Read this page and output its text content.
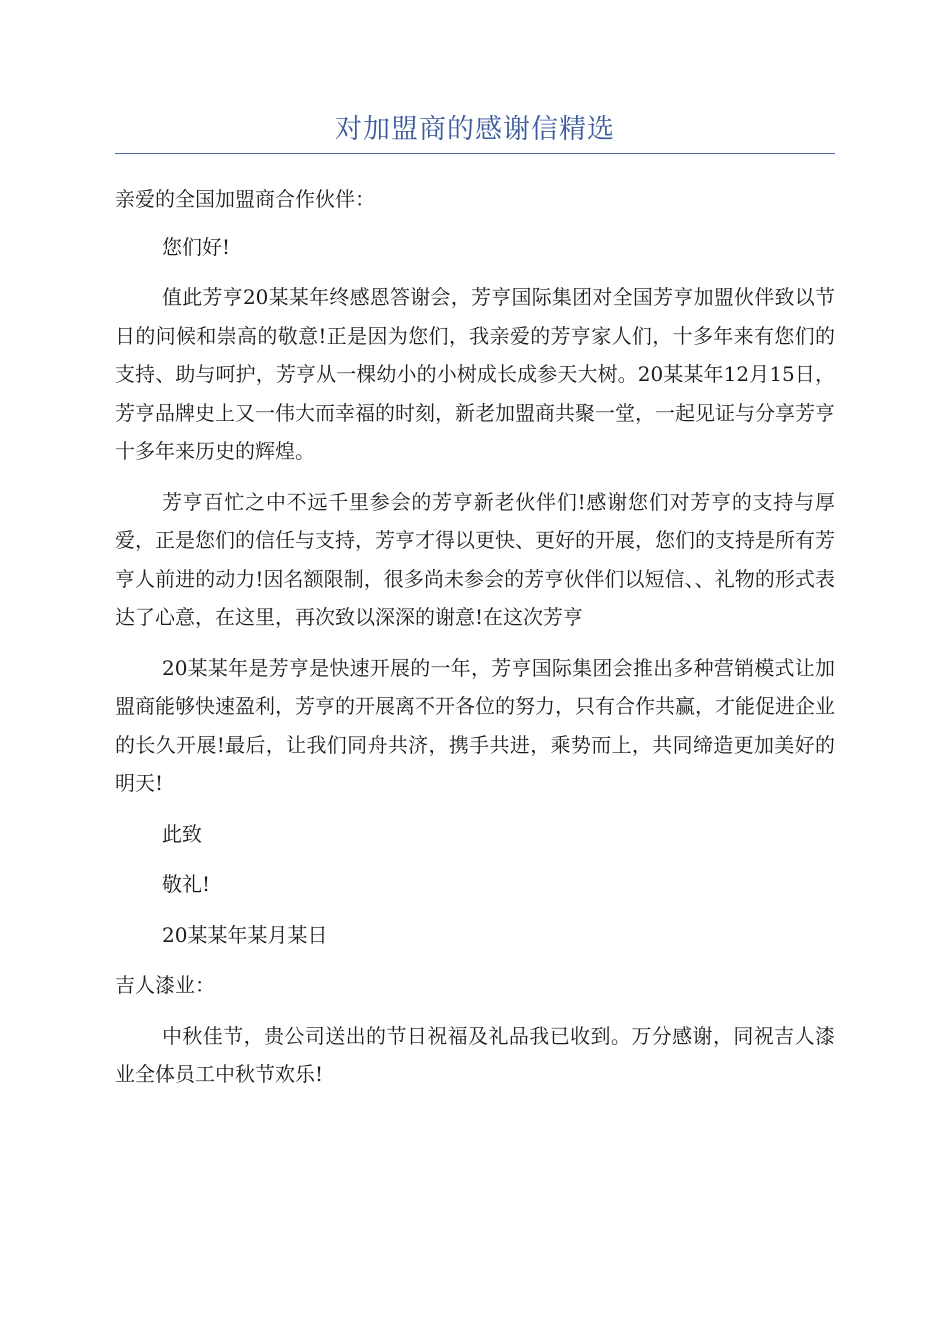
对加盟商的感谢信精选

亲爱的全国加盟商合作伙伴：

您们好!

值此芳亨20某某年终感恩答谢会，芳亨国际集团对全国芳亨加盟伙伴致以节日的问候和崇高的敬意!正是因为您们，我亲爱的芳亨家人们，十多年来有您们的支持、助与呵护，芳亨从一棵幼小的小树成长成参天大树。20某某年12月15日，芳亨品牌史上又一伟大而幸福的时刻，新老加盟商共聚一堂，一起见证与分享芳亨十多年来历史的辉煌。

芳亨百忙之中不远千里参会的芳亨新老伙伴们!感谢您们对芳亨的支持与厚爱，正是您们的信任与支持，芳亨才得以更快、更好的开展，您们的支持是所有芳亨人前进的动力!因名额限制，很多尚未参会的芳亨伙伴们以短信、、礼物的形式表达了心意，在这里，再次致以深深的谢意!在这次芳亨

20某某年是芳亨是快速开展的一年，芳亨国际集团会推出多种营销模式让加盟商能够快速盈利，芳亨的开展离不开各位的努力，只有合作共赢，才能促进企业的长久开展!最后，让我们同舟共济，携手共进，乘势而上，共同缔造更加美好的明天!

此致

敬礼!

20某某年某月某日

吉人漆业：

中秋佳节，贵公司送出的节日祝福及礼品我已收到。万分感谢，同祝吉人漆业全体员工中秋节欢乐!
